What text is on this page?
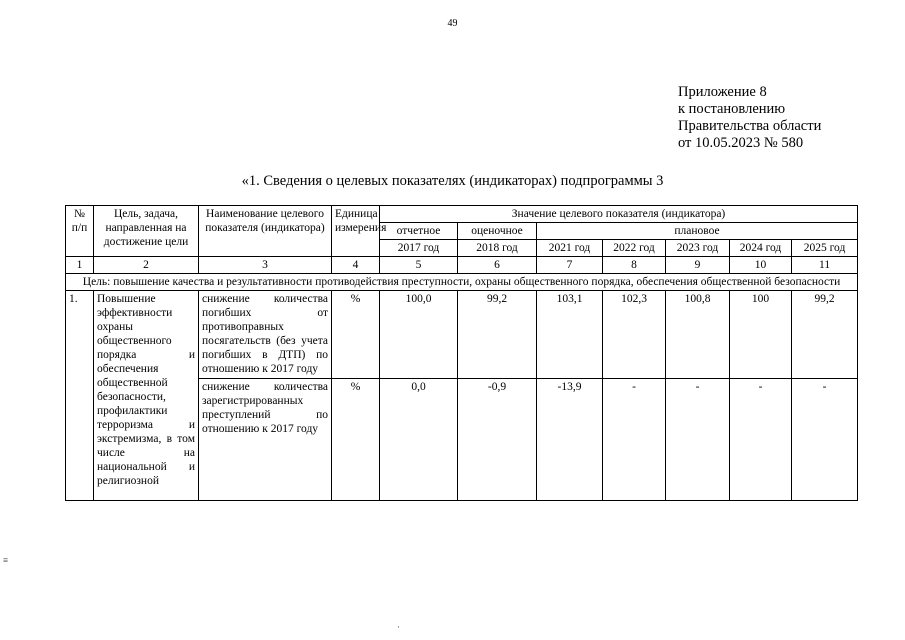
49
Приложение 8
к постановлению
Правительства области
от 10.05.2023 № 580
«1. Сведения о целевых показателях (индикаторах) подпрограммы 3
№ п/п	Цель, задача, направленная на достижение цели	Наименование целевого показателя (индикатора)	Единица измерения	Значение целевого показателя (индикатора)						
				отчетное	оценочное	плановое				
				2017 год	2018 год	2021 год	2022 год	2023 год	2024 год	2025 год
1	2	3	4	5	6	7	8	9	10	11
Цель: повышение качества и результативности противодействия преступности, охраны общественного порядка, обеспечения общественной безопасности										
1.	Повышение эффективности охраны общественного порядка и обеспечения общественной безопасности, профилактики терроризма и экстремизма, в том числе на национальной и религиозной	снижение количества погибших от противоправных посягательств (без учета погибших в ДТП) по отношению к 2017 году	%	100,0	99,2	103,1	102,3	100,8	100	99,2
		снижение количества зарегистрированных преступлений по отношению к 2017 году	%	0,0	-0,9	-13,9	-	-	-	-
≡
·
